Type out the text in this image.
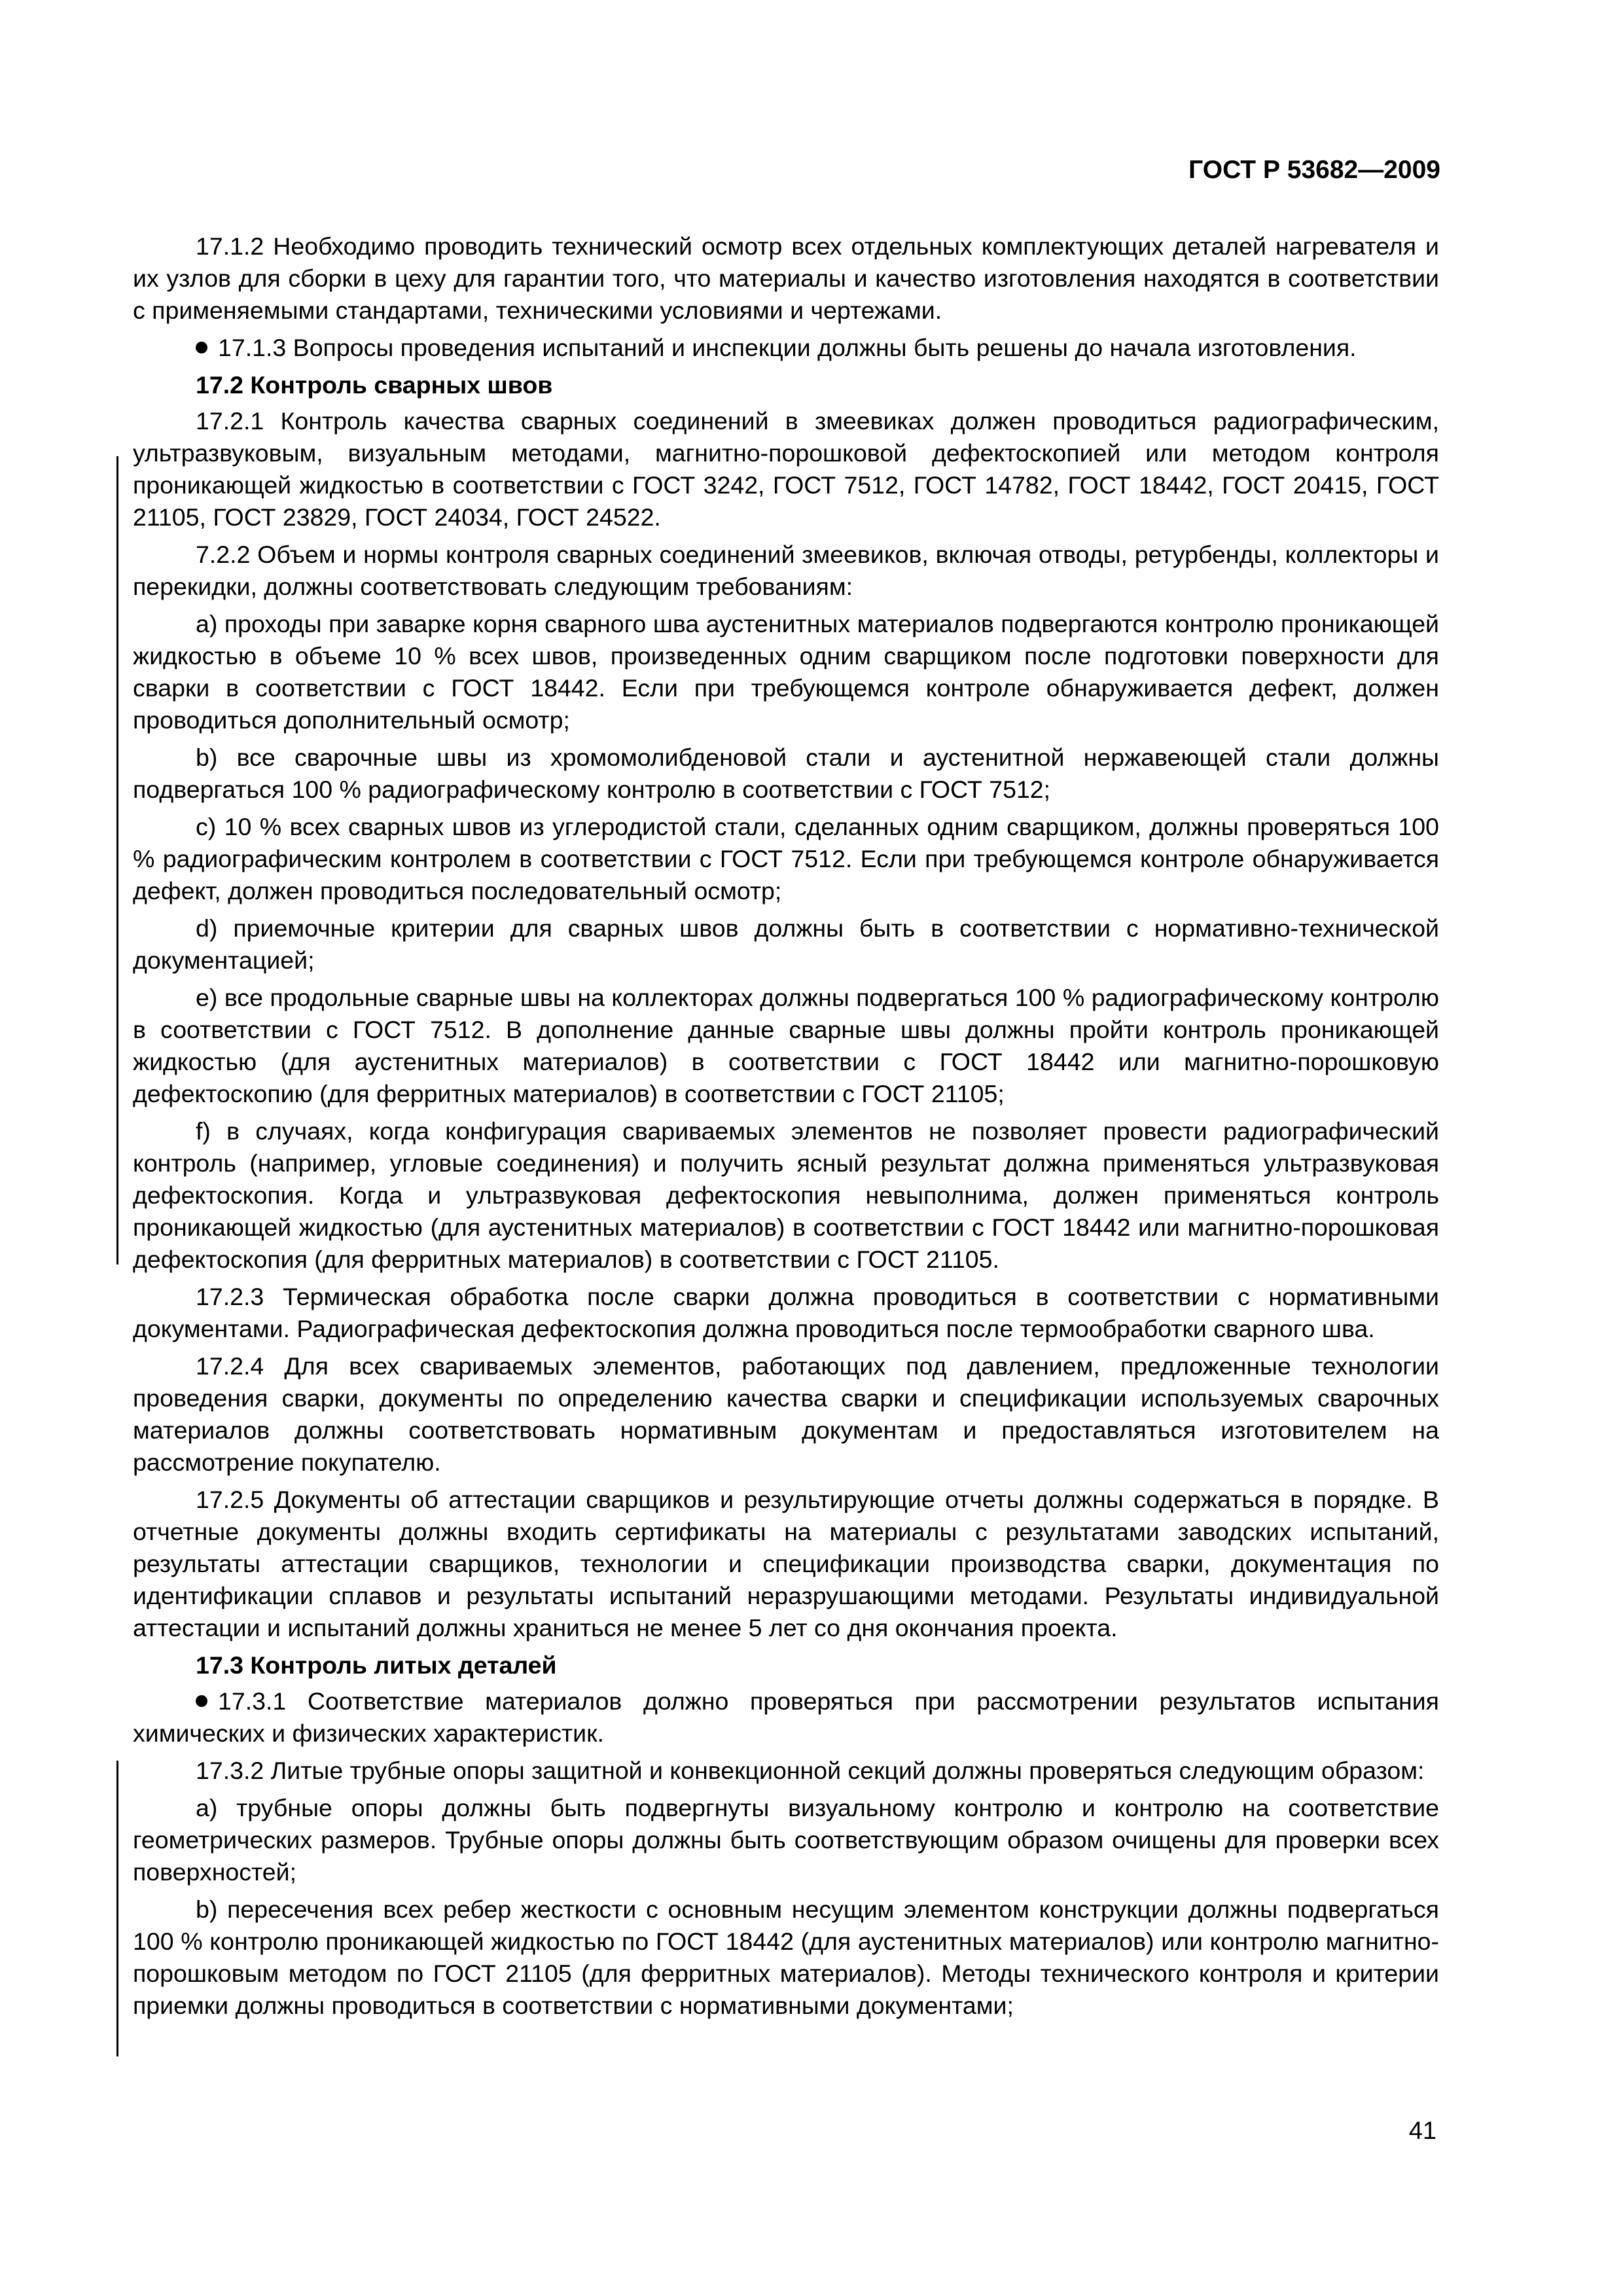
ГОСТ Р 53682—2009
17.1.2 Необходимо проводить технический осмотр всех отдельных комплектующих деталей нагревателя и их узлов для сборки в цеху для гарантии того, что материалы и качество изготовления находятся в соответствии с применяемыми стандартами, техническими условиями и чертежами.
17.1.3 Вопросы проведения испытаний и инспекции должны быть решены до начала изготовления.
17.2 Контроль сварных швов
17.2.1 Контроль качества сварных соединений в змеевиках должен проводиться радиографическим, ультразвуковым, визуальным методами, магнитно-порошковой дефектоскопией или методом контроля проникающей жидкостью в соответствии с ГОСТ 3242, ГОСТ 7512, ГОСТ 14782, ГОСТ 18442, ГОСТ 20415, ГОСТ 21105, ГОСТ 23829, ГОСТ 24034, ГОСТ 24522.
7.2.2 Объем и нормы контроля сварных соединений змеевиков, включая отводы, ретурбенды, коллекторы и перекидки, должны соответствовать следующим требованиям:
a) проходы при заварке корня сварного шва аустенитных материалов подвергаются контролю проникающей жидкостью в объеме 10 % всех швов, произведенных одним сварщиком после подготовки поверхности для сварки в соответствии с ГОСТ 18442. Если при требующемся контроле обнаруживается дефект, должен проводиться дополнительный осмотр;
b) все сварочные швы из хромомолибденовой стали и аустенитной нержавеющей стали должны подвергаться 100 % радиографическому контролю в соответствии с ГОСТ 7512;
c) 10 % всех сварных швов из углеродистой стали, сделанных одним сварщиком, должны проверяться 100 % радиографическим контролем в соответствии с ГОСТ 7512. Если при требующемся контроле обнаруживается дефект, должен проводиться последовательный осмотр;
d) приемочные критерии для сварных швов должны быть в соответствии с нормативно-технической документацией;
e) все продольные сварные швы на коллекторах должны подвергаться 100 % радиографическому контролю в соответствии с ГОСТ 7512. В дополнение данные сварные швы должны пройти контроль проникающей жидкостью (для аустенитных материалов) в соответствии с ГОСТ 18442 или магнитно-порошковую дефектоскопию (для ферритных материалов) в соответствии с ГОСТ 21105;
f) в случаях, когда конфигурация свариваемых элементов не позволяет провести радиографический контроль (например, угловые соединения) и получить ясный результат должна применяться ультразвуковая дефектоскопия. Когда и ультразвуковая дефектоскопия невыполнима, должен применяться контроль проникающей жидкостью (для аустенитных материалов) в соответствии с ГОСТ 18442 или магнитно-порошковая дефектоскопия (для ферритных материалов) в соответствии с ГОСТ 21105.
17.2.3 Термическая обработка после сварки должна проводиться в соответствии с нормативными документами. Радиографическая дефектоскопия должна проводиться после термообработки сварного шва.
17.2.4 Для всех свариваемых элементов, работающих под давлением, предложенные технологии проведения сварки, документы по определению качества сварки и спецификации используемых сварочных материалов должны соответствовать нормативным документам и предоставляться изготовителем на рассмотрение покупателю.
17.2.5 Документы об аттестации сварщиков и результирующие отчеты должны содержаться в порядке. В отчетные документы должны входить сертификаты на материалы с результатами заводских испытаний, результаты аттестации сварщиков, технологии и спецификации производства сварки, документация по идентификации сплавов и результаты испытаний неразрушающими методами. Результаты индивидуальной аттестации и испытаний должны храниться не менее 5 лет со дня окончания проекта.
17.3 Контроль литых деталей
17.3.1 Соответствие материалов должно проверяться при рассмотрении результатов испытания химических и физических характеристик.
17.3.2 Литые трубные опоры защитной и конвекционной секций должны проверяться следующим образом:
a) трубные опоры должны быть подвергнуты визуальному контролю и контролю на соответствие геометрических размеров. Трубные опоры должны быть соответствующим образом очищены для проверки всех поверхностей;
b) пересечения всех ребер жесткости с основным несущим элементом конструкции должны подвергаться 100 % контролю проникающей жидкостью по ГОСТ 18442 (для аустенитных материалов) или контролю магнитно-порошковым методом по ГОСТ 21105 (для ферритных материалов). Методы технического контроля и критерии приемки должны проводиться в соответствии с нормативными документами;
41
